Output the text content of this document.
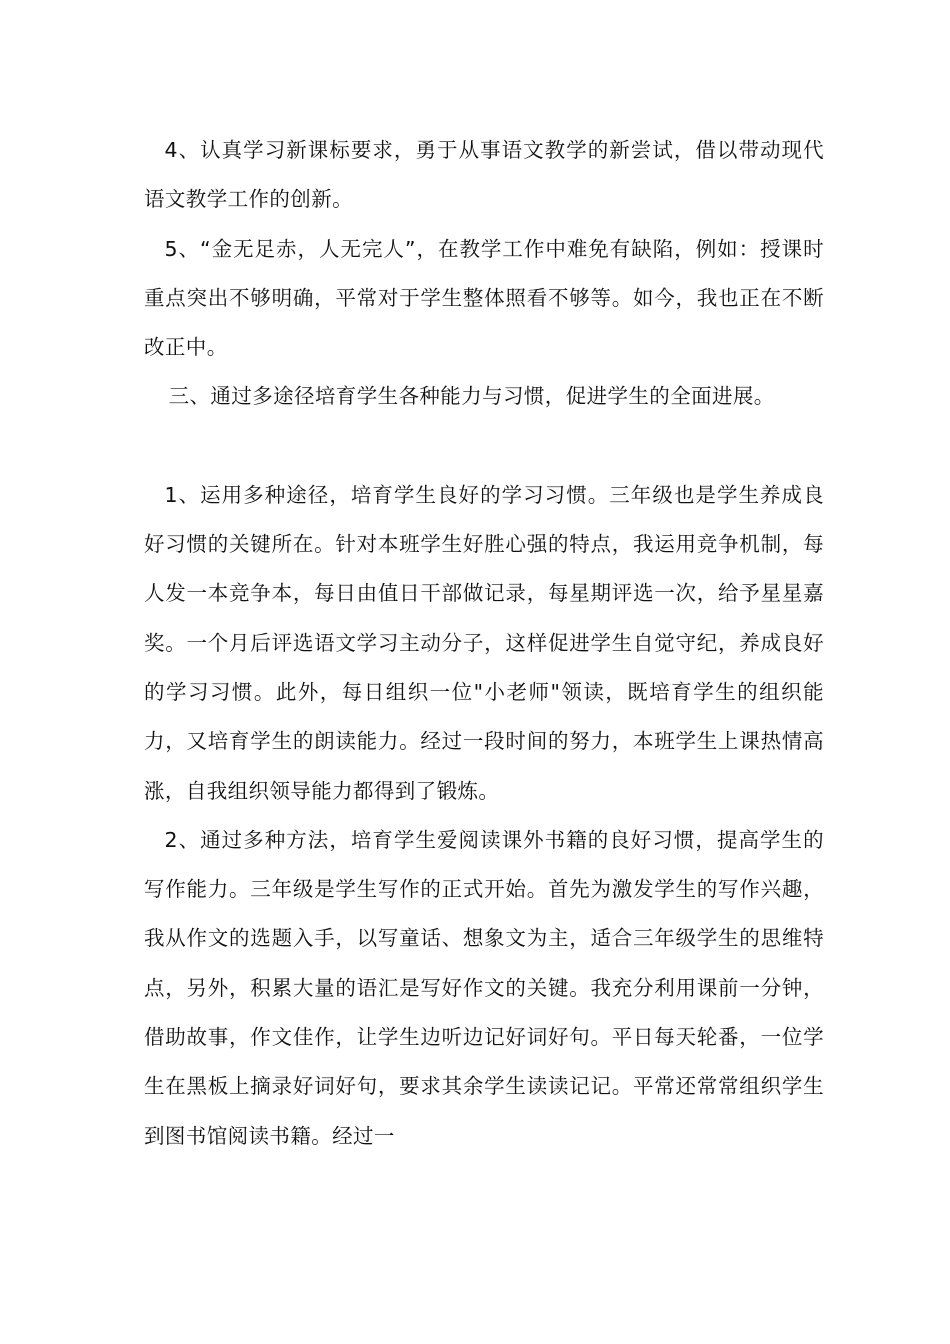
4、认真学习新课标要求，勇于从事语文教学的新尝试，借以带动现代语文教学工作的创新。

5、“金无足赤，人无完人”，在教学工作中难免有缺陷，例如：授课时重点突出不够明确，平常对于学生整体照看不够等。如今，我也正在不断改正中。

三、通过多途径培育学生各种能力与习惯，促进学生的全面进展。

1、运用多种途径，培育学生良好的学习习惯。三年级也是学生养成良好习惯的关键所在。针对本班学生好胜心强的特点，我运用竞争机制，每人发一本竞争本，每日由值日干部做记录，每星期评选一次，给予星星嘉奖。一个月后评选语文学习主动分子，这样促进学生自觉守纪，养成良好的学习习惯。此外，每日组织一位"小老师"领读，既培育学生的组织能力，又培育学生的朗读能力。经过一段时间的努力，本班学生上课热情高涨，自我组织领导能力都得到了锻炼。

2、通过多种方法，培育学生爱阅读课外书籍的良好习惯，提高学生的写作能力。三年级是学生写作的正式开始。首先为激发学生的写作兴趣，我从作文的选题入手，以写童话、想象文为主，适合三年级学生的思维特点，另外，积累大量的语汇是写好作文的关键。我充分利用课前一分钟，借助故事，作文佳作，让学生边听边记好词好句。平日每天轮番，一位学生在黑板上摘录好词好句，要求其余学生读读记记。平常还常常组织学生到图书馆阅读书籍。经过一
